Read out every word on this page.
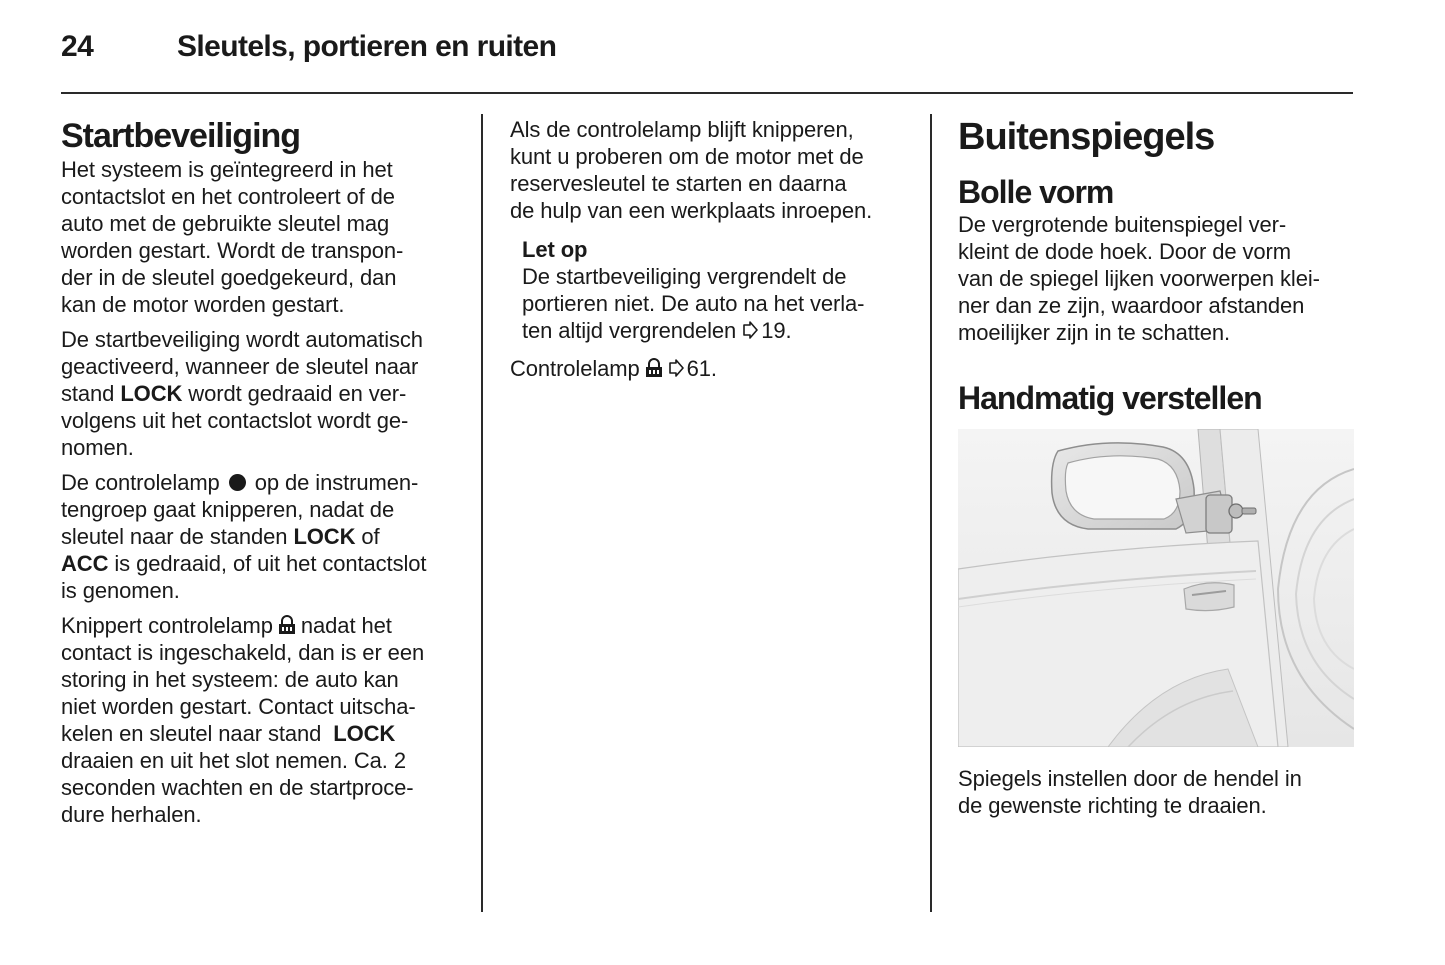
24	Sleutels, portieren en ruiten
Startbeveiliging

Het systeem is geïntegreerd in het
contactslot en het controleert of de
auto met de gebruikte sleutel mag
worden gestart. Wordt de transpon-
der in de sleutel goedgekeurd, dan
kan de motor worden gestart.

De startbeveiliging wordt automatisch
geactiveerd, wanneer de sleutel naar
stand LOCK wordt gedraaid en ver-
volgens uit het contactslot wordt ge-
nomen.

De controlelamp op de instrumen-
tengroep gaat knipperen, nadat de
sleutel naar de standen LOCK of
ACC is gedraaid, of uit het contactslot
is genomen.

Knippert controlelamp nadat het
contact is ingeschakeld, dan is er een
storing in het systeem: de auto kan
niet worden gestart. Contact uitscha-
kelen en sleutel naar stand  LOCK
draaien en uit het slot nemen. Ca. 2
seconden wachten en de startproce-
dure herhalen.

Als de controlelamp blijft knipperen,
kunt u proberen om de motor met de
reservesleutel te starten en daarna
de hulp van een werkplaats inroepen.

Let op
De startbeveiliging vergrendelt de
portieren niet. De auto na het verla-
ten altijd vergrendelen 19.

Controlelamp 61.

Buitenspiegels
Bolle vorm

De vergrotende buitenspiegel ver-
kleint de dode hoek. Door de vorm
van de spiegel lijken voorwerpen klei-
ner dan ze zijn, waardoor afstanden
moeilijker zijn in te schatten.

Handmatig verstellen

Spiegels instellen door de hendel in
de gewenste richting te draaien.
